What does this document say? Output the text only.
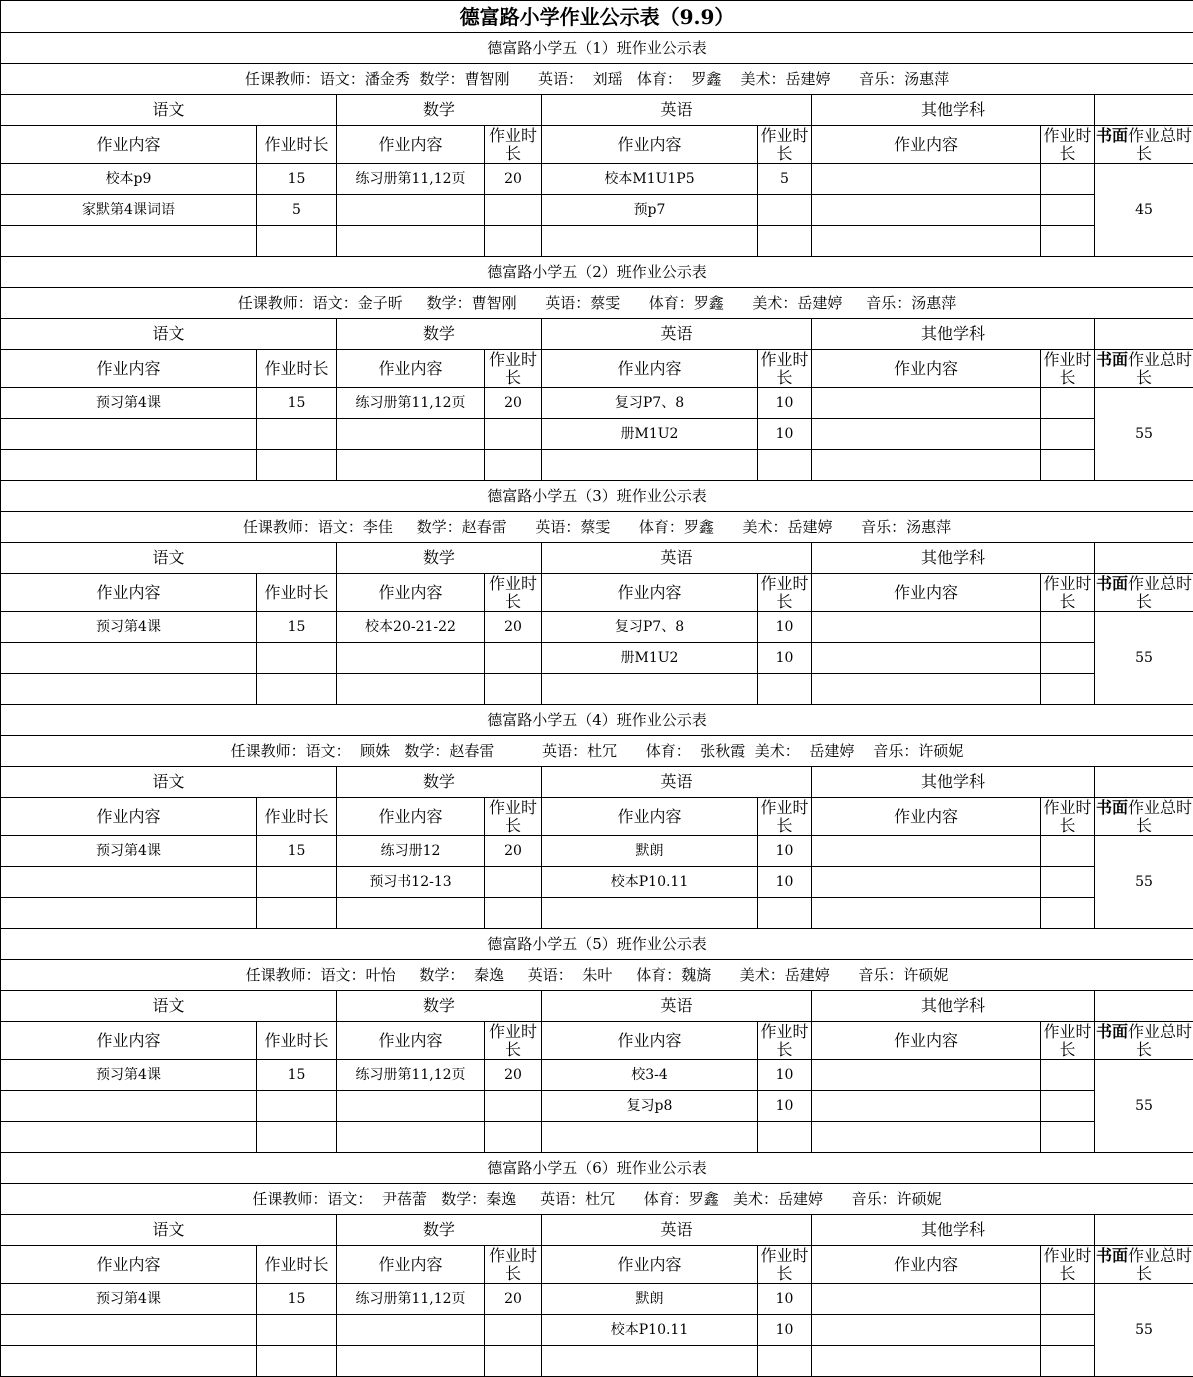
德富路小学作业公示表（9.9）								
德富路小学五（1）班作业公示表								
任课教师：语文：潘金秀  数学：曹智刚      英语：  刘瑶   体育：  罗鑫    美术：岳建婷      音乐：汤惠萍								
语文		数学		英语		其他学科		
作业内容	作业时长	作业内容	作业时长	作业内容	作业时长	作业内容	作业时长	书面作业总时长
校本p9	15	练习册第11,12页	20	校本M1U1P5	5			45
家默第4课词语	5			预p7				

德富路小学五（2）班作业公示表								
任课教师：语文：金子昕     数学：曹智刚      英语：蔡雯      体育：罗鑫      美术：岳建婷     音乐：汤惠萍								
语文		数学		英语		其他学科		
作业内容	作业时长	作业内容	作业时长	作业内容	作业时长	作业内容	作业时长	书面作业总时长
预习第4课	15	练习册第11,12页	20	复习P7、8	10			55
				册M1U2	10			

德富路小学五（3）班作业公示表								
任课教师：语文：李佳     数学：赵春雷      英语：蔡雯      体育：罗鑫      美术：岳建婷      音乐：汤惠萍								
语文		数学		英语		其他学科		
作业内容	作业时长	作业内容	作业时长	作业内容	作业时长	作业内容	作业时长	书面作业总时长
预习第4课	15	校本20-21-22	20	复习P7、8	10			55
				册M1U2	10			

德富路小学五（4）班作业公示表								
任课教师：语文：  顾姝   数学：赵春雷          英语：杜冗      体育：  张秋霞  美术：  岳建婷    音乐：许硕妮								
语文		数学		英语		其他学科		
作业内容	作业时长	作业内容	作业时长	作业内容	作业时长	作业内容	作业时长	书面作业总时长
预习第4课	15	练习册12	20	默朗	10			55
		预习书12-13		校本P10.11	10			

德富路小学五（5）班作业公示表								
任课教师：语文：叶怡     数学：  秦逸     英语：  朱叶     体育：魏旖      美术：岳建婷      音乐：许硕妮								
语文		数学		英语		其他学科		
作业内容	作业时长	作业内容	作业时长	作业内容	作业时长	作业内容	作业时长	书面作业总时长
预习第4课	15	练习册第11,12页	20	校3-4	10			55
				复习p8	10			

德富路小学五（6）班作业公示表								
任课教师：语文：  尹蓓蕾   数学：秦逸     英语：杜冗      体育：罗鑫   美术：岳建婷      音乐：许硕妮								
语文		数学		英语		其他学科		
作业内容	作业时长	作业内容	作业时长	作业内容	作业时长	作业内容	作业时长	书面作业总时长
预习第4课	15	练习册第11,12页	20	默朗	10			55
				校本P10.11	10			
